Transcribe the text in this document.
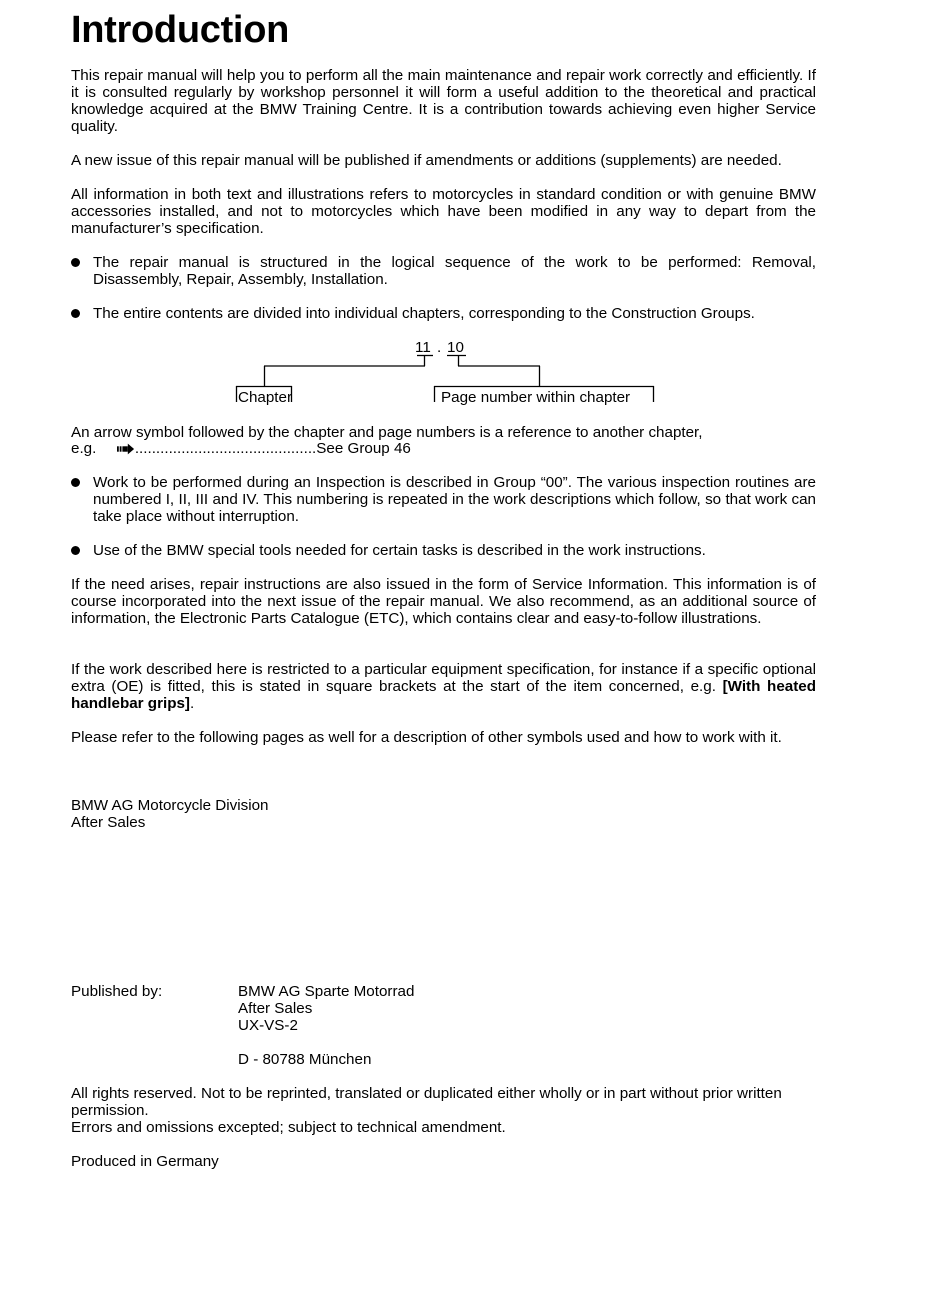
Introduction

This repair manual will help you to perform all the main maintenance and repair work correctly and efficiently. If it is consulted regularly by workshop personnel it will form a useful addition to the theoretical and practical knowledge acquired at the BMW Training Centre. It is a contribution towards achieving even higher Service quality.

A new issue of this repair manual will be published if amendments or additions (supplements) are needed.

All information in both text and illustrations refers to motorcycles in standard condition or with genuine BMW accessories installed, and not to motorcycles which have been modified in any way to depart from the manufacturer’s specification.

The repair manual is structured in the logical sequence of the work to be performed: Removal, Disassembly, Repair, Assembly, Installation.
The entire contents are divided into individual chapters, corresponding to the Construction Groups.
11 . 10
Chapter	Page number within chapter

An arrow symbol followed by the chapter and page numbers is a reference to another chapter,

e.g.	...........................................See Group 46
Work to be performed during an Inspection is described in Group “00”. The various inspection routines are numbered I, II, III and IV. This numbering is repeated in the work descriptions which follow, so that work can take place without interruption.
Use of the BMW special tools needed for certain tasks is described in the work instructions.

If the need arises, repair instructions are also issued in the form of Service Information. This information is of course incorporated into the next issue of the repair manual. We also recommend, as an additional source of information, the Electronic Parts Catalogue (ETC), which contains clear and easy-to-follow illustrations.

If the work described here is restricted to a particular equipment specification, for instance if a specific optional extra (OE) is fitted, this is stated in square brackets at the start of the item concerned, e.g. [With heated handlebar grips].

Please refer to the following pages as well for a description of other symbols used and how to work with it.

BMW AG Motorcycle Division
After Sales
Published by:	BMW AG Sparte Motorrad
After Sales
UX-VS-2
D - 80788 München
All rights reserved. Not to be reprinted, translated or duplicated either wholly or in part without prior written permission.
Errors and omissions excepted; subject to technical amendment.
Produced in Germany
